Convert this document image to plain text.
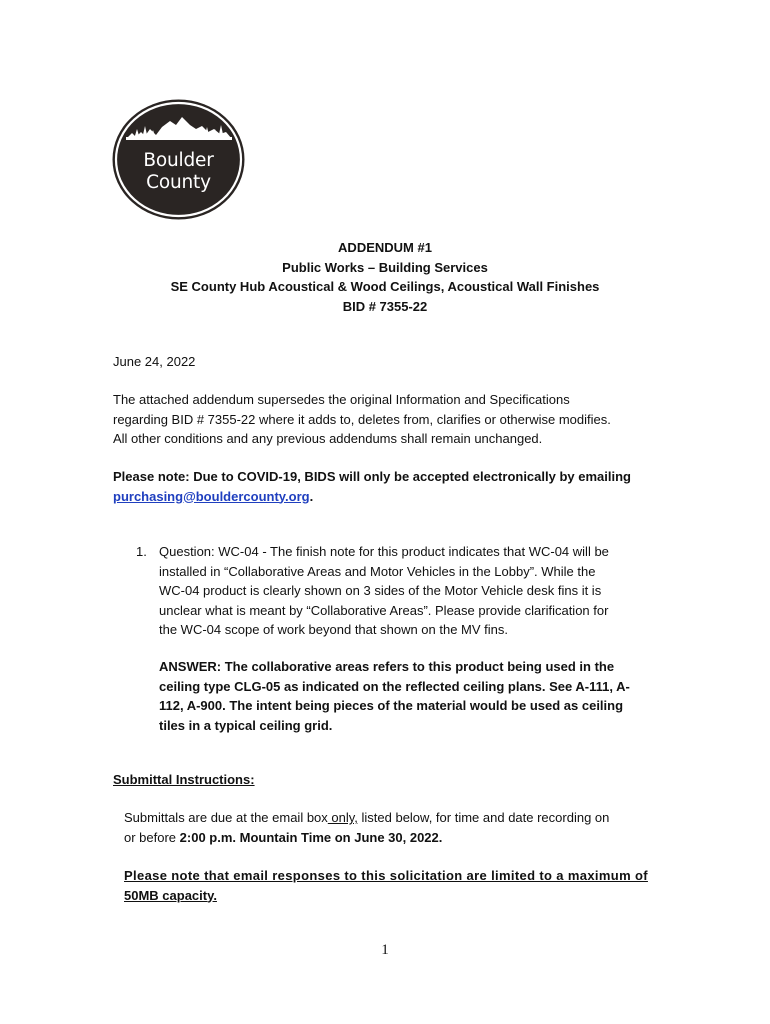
Boulder
County
ADDENDUM #1
Public Works – Building Services
SE County Hub Acoustical & Wood Ceilings, Acoustical Wall Finishes
BID # 7355-22
June 24, 2022
The attached addendum supersedes the original Information and Specifications
regarding BID # 7355-22 where it adds to, deletes from, clarifies or otherwise modifies.
All other conditions and any previous addendums shall remain unchanged.
Please note: Due to COVID-19, BIDS will only be accepted electronically by emailing
purchasing@bouldercounty.org.
1. Question: WC-04 - The finish note for this product indicates that WC-04 will be
installed in “Collaborative Areas and Motor Vehicles in the Lobby”. While the
WC-04 product is clearly shown on 3 sides of the Motor Vehicle desk fins it is
unclear what is meant by “Collaborative Areas”. Please provide clarification for
the WC-04 scope of work beyond that shown on the MV fins.
ANSWER: The collaborative areas refers to this product being used in the
ceiling type CLG-05 as indicated on the reflected ceiling plans. See A-111, A-
112, A-900. The intent being pieces of the material would be used as ceiling
tiles in a typical ceiling grid.
Submittal Instructions:
Submittals are due at the email box only, listed below, for time and date recording on
or before 2:00 p.m. Mountain Time on June 30, 2022.
Please note that email responses to this solicitation are limited to a maximum of
50MB capacity.
1
